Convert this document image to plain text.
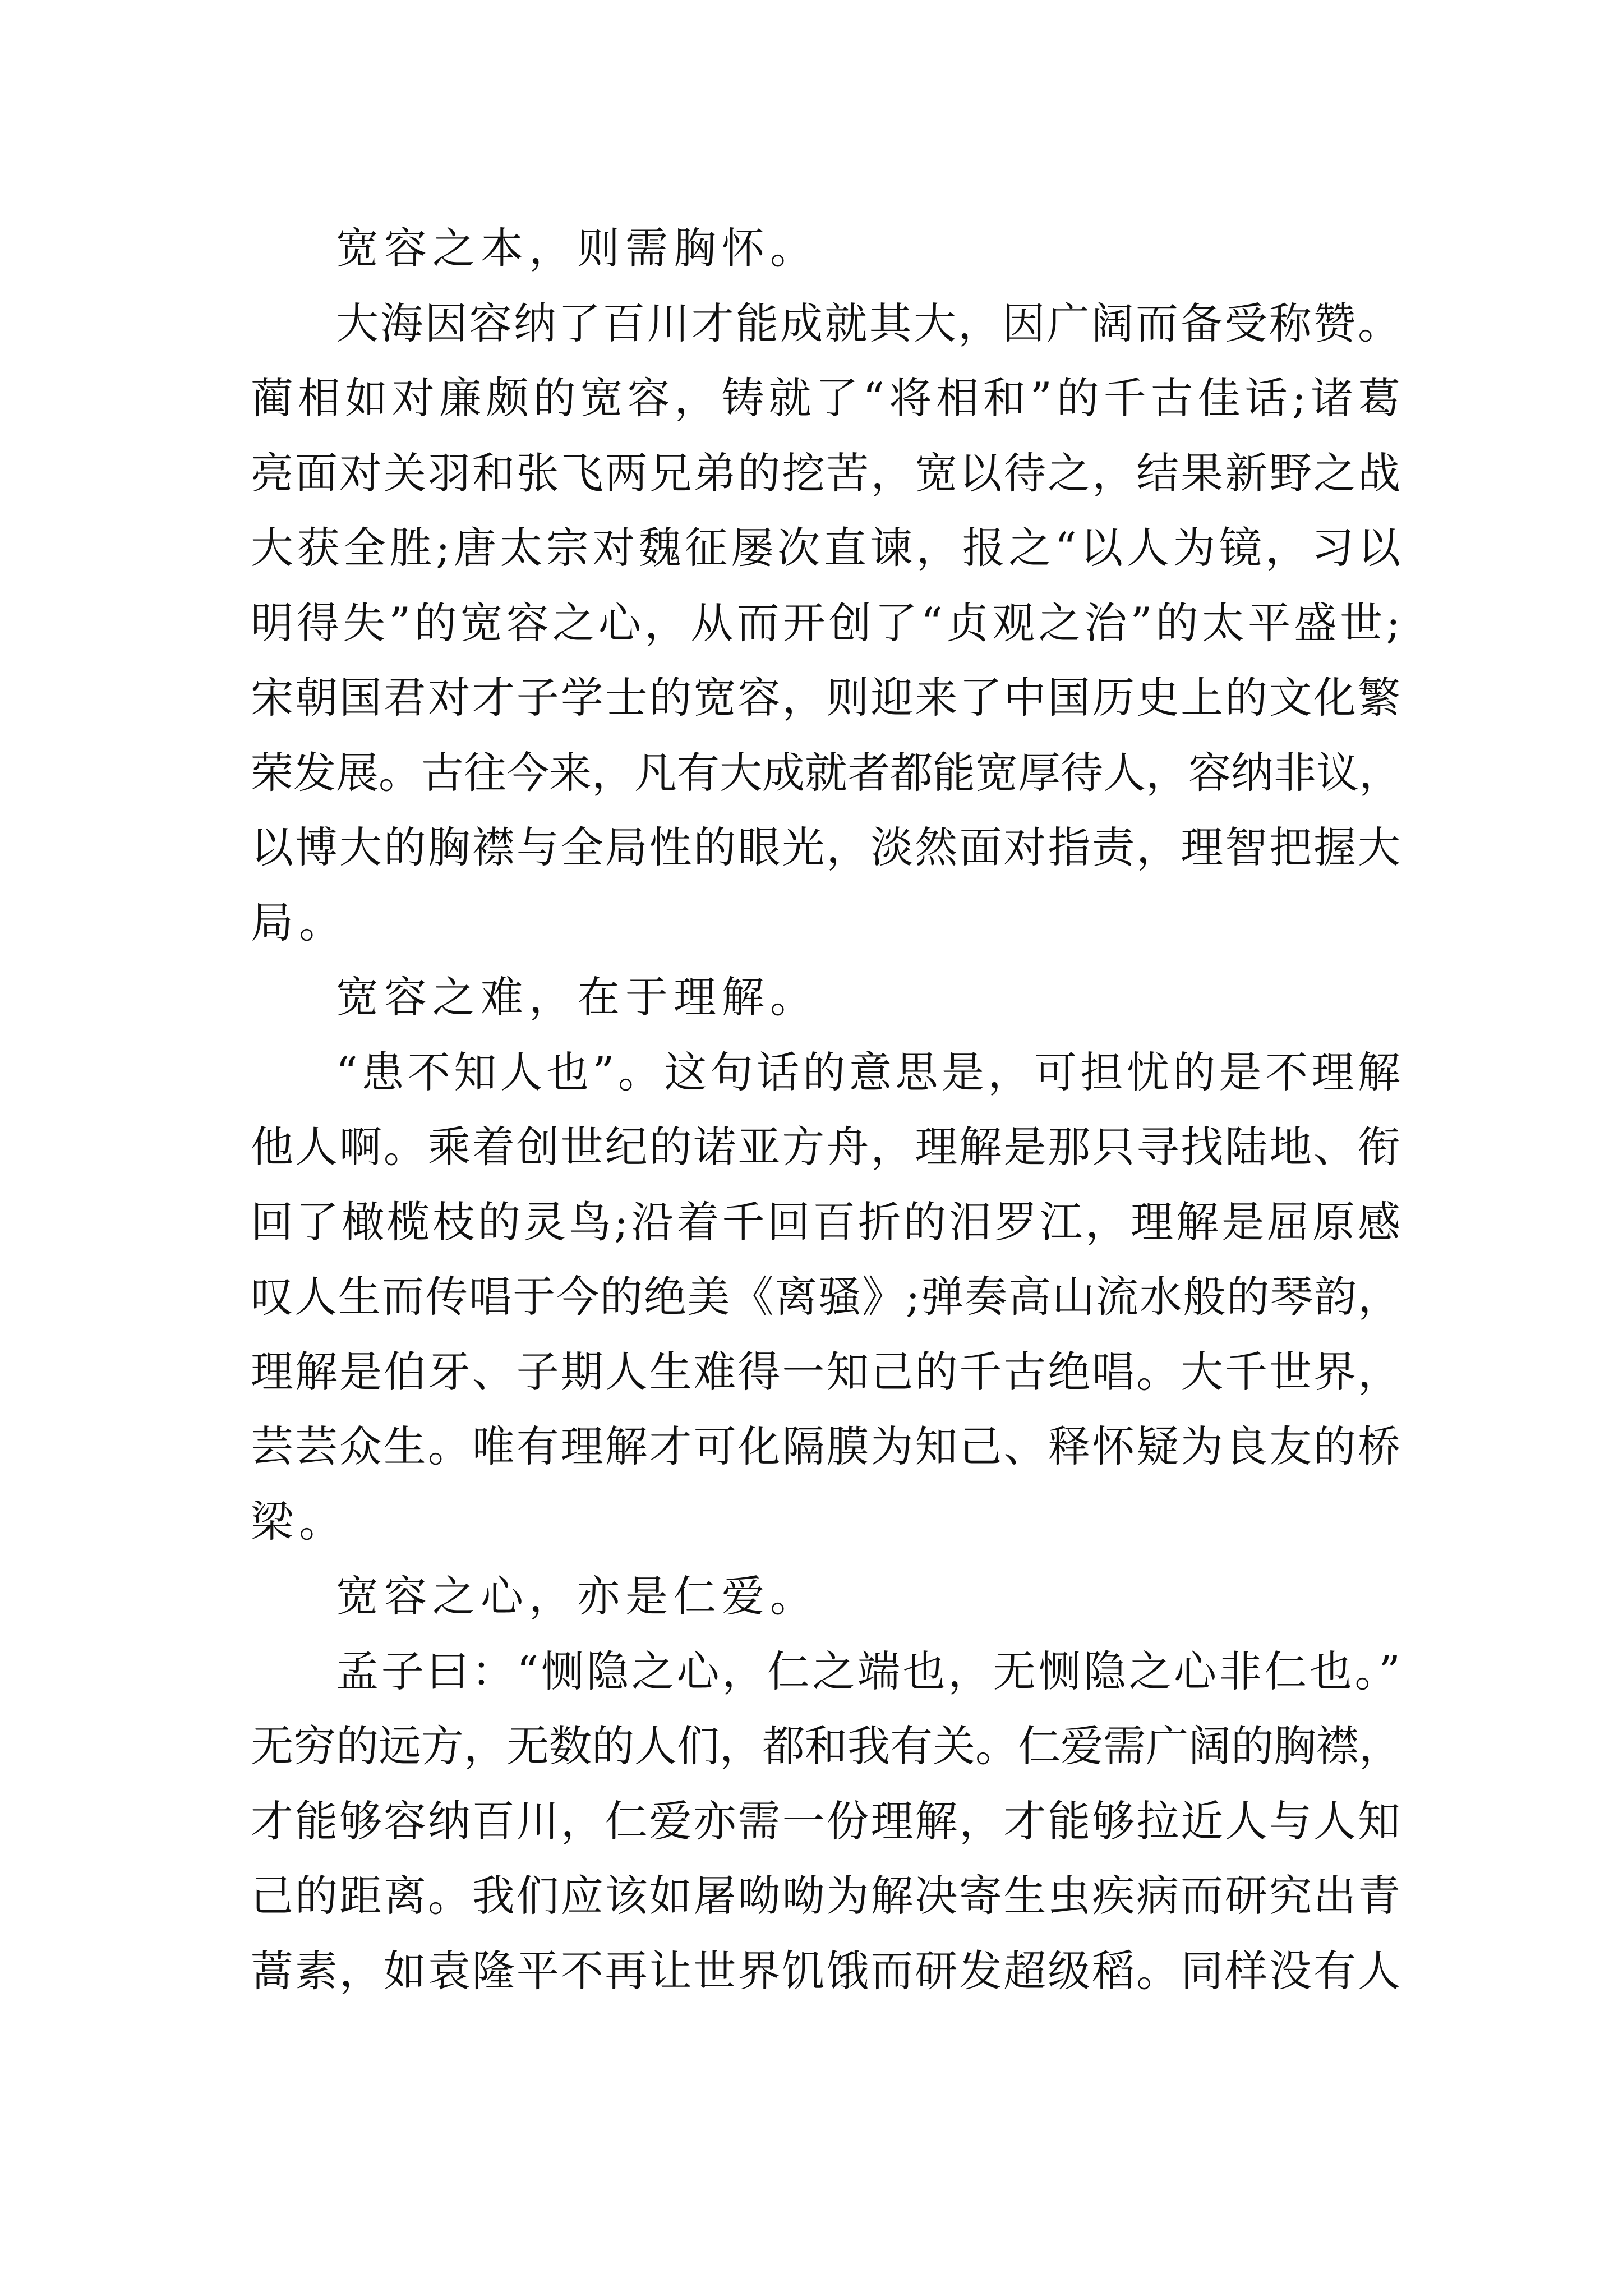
宽容之本，则需胸怀。
大海因容纳了百川才能成就其大，因广阔而备受称赞。
蔺相如对廉颇的宽容，铸就了“将相和”的千古佳话;诸葛
亮面对关羽和张飞两兄弟的挖苦，宽以待之，结果新野之战
大获全胜;唐太宗对魏征屡次直谏，报之“以人为镜，习以
明得失”的宽容之心，从而开创了“贞观之治”的太平盛世;
宋朝国君对才子学士的宽容，则迎来了中国历史上的文化繁
荣发展。古往今来，凡有大成就者都能宽厚待人，容纳非议，
以博大的胸襟与全局性的眼光，淡然面对指责，理智把握大
局。
宽容之难，在于理解。
“患不知人也”。这句话的意思是，可担忧的是不理解
他人啊。乘着创世纪的诺亚方舟，理解是那只寻找陆地、衔
回了橄榄枝的灵鸟;沿着千回百折的汨罗江，理解是屈原感
叹人生而传唱于今的绝美《离骚》;弹奏高山流水般的琴韵，
理解是伯牙、子期人生难得一知己的千古绝唱。大千世界，
芸芸众生。唯有理解才可化隔膜为知己、释怀疑为良友的桥
梁。
宽容之心，亦是仁爱。
孟子曰：“恻隐之心，仁之端也，无恻隐之心非仁也。”
无穷的远方，无数的人们，都和我有关。仁爱需广阔的胸襟，
才能够容纳百川，仁爱亦需一份理解，才能够拉近人与人知
己的距离。我们应该如屠呦呦为解决寄生虫疾病而研究出青
蒿素，如袁隆平不再让世界饥饿而研发超级稻。同样没有人
